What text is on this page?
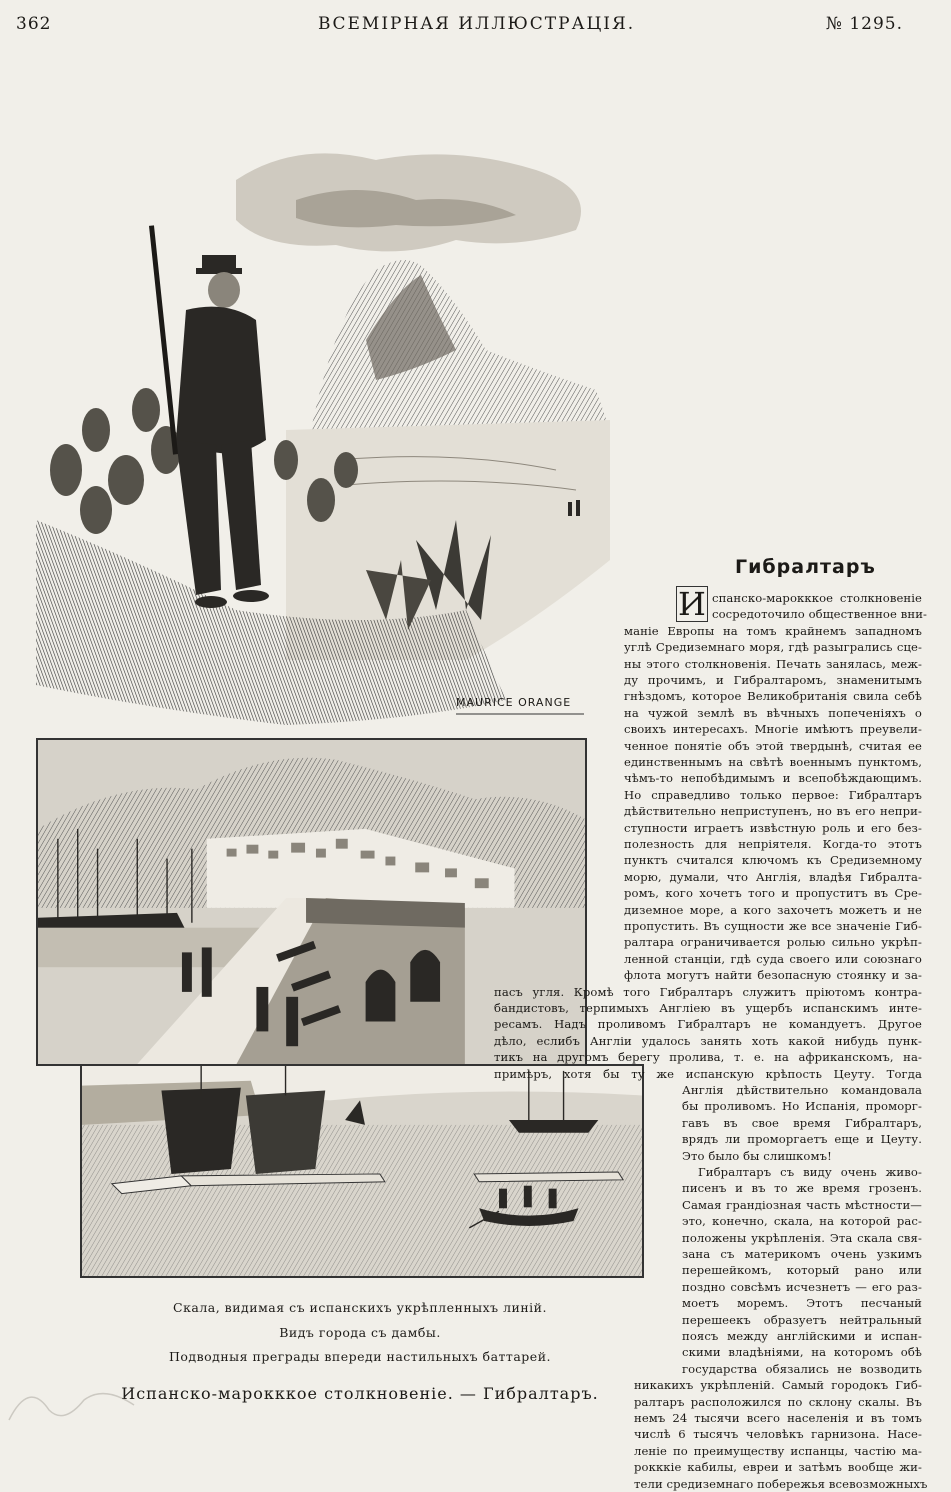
362	ВСЕМІРНАЯ ИЛЛЮСТРАЦІЯ.	№ 1295.
MAURICE ORANGE
Скала, видимая съ испанскихъ укрѣпленныхъ линій.
Видъ города съ дамбы.
Подводныя преграды впереди настильныхъ баттарей.
Испанско-марокккое столкновеніе. — Гибралтаръ.
Гибралтаръ
И спанско-марокккое столкновеніе
сосредоточило общественное вни-
маніе Европы на томъ крайнемъ западномъ
углѣ Средиземнаго моря, гдѣ разыгрались сце-
ны этого столкновенія. Печать занялась, меж-
ду прочимъ, и Гибралтаромъ, знаменитымъ
гнѣздомъ, которое Великобританія свила себѣ
на чужой землѣ въ вѣчныхъ попеченіяхъ о
своихъ интересахъ. Многіе имѣютъ преувели-
ченное понятіе объ этой твердынѣ, считая ее
единственнымъ на свѣтѣ военнымъ пунктомъ,
чѣмъ-то непобѣдимымъ и всепобѣждающимъ.
Но справедливо только первое: Гибралтаръ
дѣйствительно неприступенъ, но въ его непри-
ступности играетъ извѣстную роль и его без-
полезность для непріятеля. Когда-то этотъ
пунктъ считался ключомъ къ Средиземному
морю, думали, что Англія, владѣя Гибралта-
ромъ, кого хочетъ того и пропуститъ въ Сре-
диземное море, а кого захочетъ можетъ и не
пропустить. Въ сущности же все значеніе Гиб-
ралтара ограничивается ролью сильно укрѣп-
ленной станціи, гдѣ суда своего или союзнаго
флота могутъ найти безопасную стоянку и за-
пасъ угля. Кромѣ того Гибралтаръ служитъ пріютомъ контра-
бандистовъ, терпимыхъ Англіею въ ущербъ испанскимъ инте-
ресамъ. Надъ проливомъ Гибралтаръ не командуетъ. Другое
дѣло, еслибъ Англіи удалось занять хоть какой нибудь пунк-
тикъ на другомъ берегу пролива, т. е. на африканскомъ, на-
примѣръ, хотя бы ту же испанскую крѣпость Цеуту. Тогда
Англія дѣйствительно командовала
бы проливомъ. Но Испанія, проморг-
гавъ въ свое время Гибралтаръ,
врядъ ли проморгаетъ еще и Цеуту.
Это было бы слишкомъ!
Гибралтаръ съ виду очень живо-
писенъ и въ то же время грозенъ.
Самая грандіозная часть мѣстности—
это, конечно, скала, на которой рас-
положены укрѣпленія. Эта скала свя-
зана съ материкомъ очень узкимъ
перешейкомъ, который рано или
поздно совсѣмъ исчезнетъ — его раз-
моетъ моремъ. Этотъ песчаный
перешеекъ образуетъ нейтральный
поясъ между англійскими и испан-
скими владѣніями, на которомъ обѣ
государства обязались не возводить
никакихъ укрѣпленій. Самый городокъ Гиб-
ралтаръ расположился по склону скалы. Въ
немъ 24 тысячи всего населенія и въ томъ
числѣ 6 тысячъ человѣкъ гарнизона. Насе-
леніе по преимуществу испанцы, частію ма-
рокккіе кабилы, евреи и затѣмъ вообще жи-
тели средиземнаго побережья всевозможныхъ
